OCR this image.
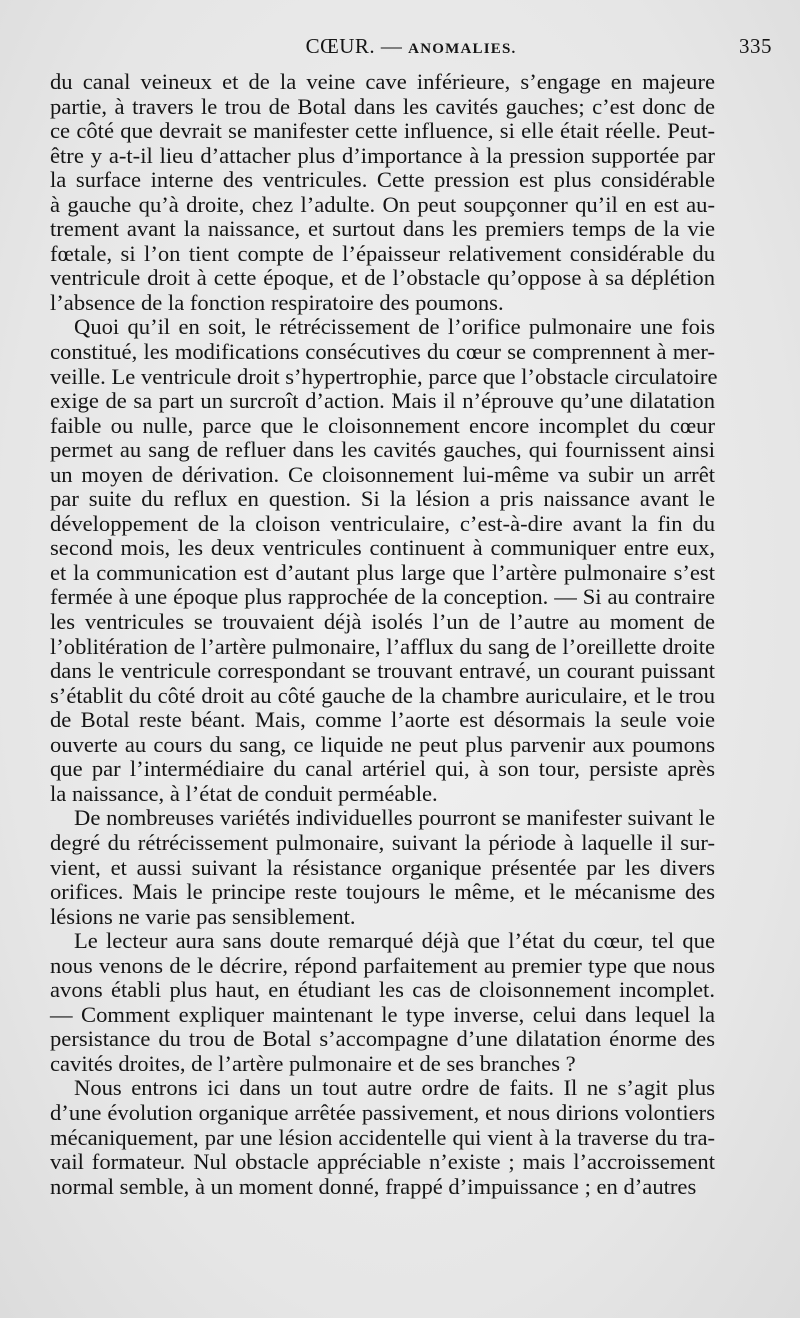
CŒUR. — ANOMALIES.	335
du canal veineux et de la veine cave inférieure, s’engage en majeure
partie, à travers le trou de Botal dans les cavités gauches; c’est donc de
ce côté que devrait se manifester cette influence, si elle était réelle. Peut-
être y a-t-il lieu d’attacher plus d’importance à la pression supportée par
la surface interne des ventricules. Cette pression est plus considérable
à gauche qu’à droite, chez l’adulte. On peut soupçonner qu’il en est au-
trement avant la naissance, et surtout dans les premiers temps de la vie
fœtale, si l’on tient compte de l’épaisseur relativement considérable du
ventricule droit à cette époque, et de l’obstacle qu’oppose à sa déplétion
l’absence de la fonction respiratoire des poumons.
Quoi qu’il en soit, le rétrécissement de l’orifice pulmonaire une fois
constitué, les modifications consécutives du cœur se comprennent à mer-
veille. Le ventricule droit s’hypertrophie, parce que l’obstacle circulatoire
exige de sa part un surcroît d’action. Mais il n’éprouve qu’une dilatation
faible ou nulle, parce que le cloisonnement encore incomplet du cœur
permet au sang de refluer dans les cavités gauches, qui fournissent ainsi
un moyen de dérivation. Ce cloisonnement lui-même va subir un arrêt
par suite du reflux en question. Si la lésion a pris naissance avant le
développement de la cloison ventriculaire, c’est-à-dire avant la fin du
second mois, les deux ventricules continuent à communiquer entre eux,
et la communication est d’autant plus large que l’artère pulmonaire s’est
fermée à une époque plus rapprochée de la conception. — Si au contraire
les ventricules se trouvaient déjà isolés l’un de l’autre au moment de
l’oblitération de l’artère pulmonaire, l’afflux du sang de l’oreillette droite
dans le ventricule correspondant se trouvant entravé, un courant puissant
s’établit du côté droit au côté gauche de la chambre auriculaire, et le trou
de Botal reste béant. Mais, comme l’aorte est désormais la seule voie
ouverte au cours du sang, ce liquide ne peut plus parvenir aux poumons
que par l’intermédiaire du canal artériel qui, à son tour, persiste après
la naissance, à l’état de conduit perméable.
De nombreuses variétés individuelles pourront se manifester suivant le
degré du rétrécissement pulmonaire, suivant la période à laquelle il sur-
vient, et aussi suivant la résistance organique présentée par les divers
orifices. Mais le principe reste toujours le même, et le mécanisme des
lésions ne varie pas sensiblement.
Le lecteur aura sans doute remarqué déjà que l’état du cœur, tel que
nous venons de le décrire, répond parfaitement au premier type que nous
avons établi plus haut, en étudiant les cas de cloisonnement incomplet.
— Comment expliquer maintenant le type inverse, celui dans lequel la
persistance du trou de Botal s’accompagne d’une dilatation énorme des
cavités droites, de l’artère pulmonaire et de ses branches ?
Nous entrons ici dans un tout autre ordre de faits. Il ne s’agit plus
d’une évolution organique arrêtée passivement, et nous dirions volontiers
mécaniquement, par une lésion accidentelle qui vient à la traverse du tra-
vail formateur. Nul obstacle appréciable n’existe ; mais l’accroissement
normal semble, à un moment donné, frappé d’impuissance ; en d’autres
